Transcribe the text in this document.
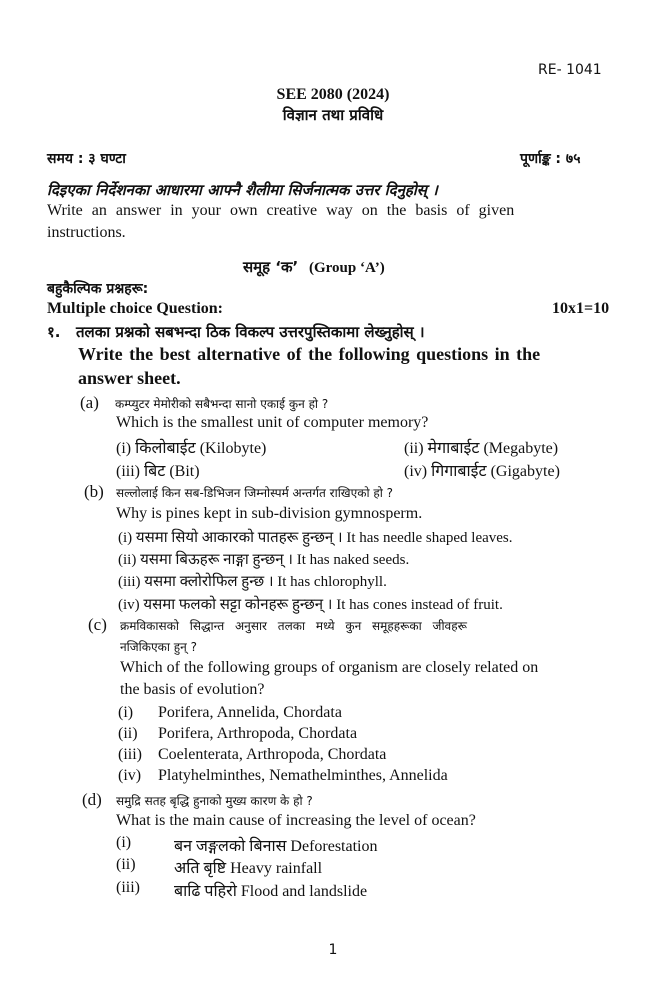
RE- 1041
SEE 2080 (2024)
विज्ञान तथा प्रविधि
समय : ३ घण्टा	पूर्णाङ्क : ७५
दिइएका निर्देशनका आधारमा आफ्नै शैलीमा सिर्जनात्मक उत्तर दिनुहोस् ।
Write an answer in your own creative way on the basis of given
instructions.
समूह ‘क’ (Group ‘A’)
बहुकैल्पिक प्रश्नहरू:
Multiple choice Question:	10x1=10
१. तलका प्रश्नको सबभन्दा ठिक विकल्प उत्तरपुस्तिकामा लेख्नुहोस् ।
Write the best alternative of the following questions in the
answer sheet.
(a) कम्प्युटर मेमोरीको सबैभन्दा सानो एकाई कुन हो ?
Which is the smallest unit of computer memory?
(i) किलोबाईट (Kilobyte)	(ii) मेगाबाईट (Megabyte)
(iii) बिट (Bit)	(iv) गिगाबाईट (Gigabyte)
(b) सल्लोलाई किन सब-डिभिजन जिम्नोस्पर्म अन्तर्गत राखिएको हो ?
Why is pines kept in sub-division gymnosperm.
(i) यसमा सियो आकारको पातहरू हुन्छन् । It has needle shaped leaves.
(ii) यसमा बिऊहरू नाङ्गा हुन्छन् । It has naked seeds.
(iii) यसमा क्लोरोफिल हुन्छ । It has chlorophyll.
(iv) यसमा फलको सट्टा कोनहरू हुन्छन् । It has cones instead of fruit.
(c) क्रमविकासको सिद्धान्त अनुसार तलका मध्ये कुन समूहहरूका जीवहरू
नजिकिएका हुन् ?
Which of the following groups of organism are closely related on
the basis of evolution?
(i) Porifera, Annelida, Chordata
(ii) Porifera, Arthropoda, Chordata
(iii) Coelenterata, Arthropoda, Chordata
(iv) Platyhelminthes, Nemathelminthes, Annelida
(d) समुद्रि सतह बृद्धि हुनाको मुख्य कारण के हो ?
What is the main cause of increasing the level of ocean?
(i)	बन जङ्गलको बिनास Deforestation
(ii) अति बृष्टि Heavy rainfall
(iii) बाढि पहिरो Flood and landslide
1
